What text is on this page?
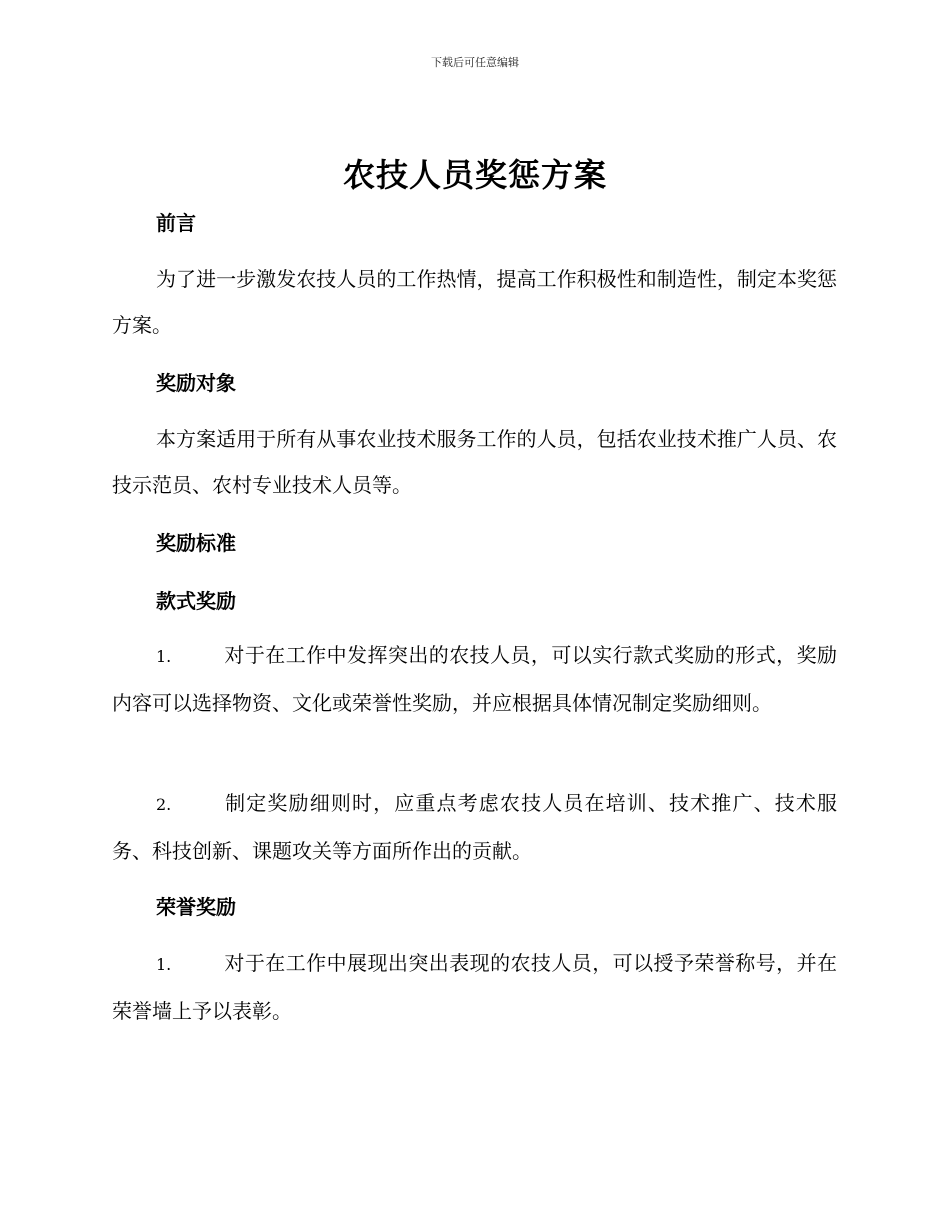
下载后可任意编辑
农技人员奖惩方案
前言

为了进一步激发农技人员的工作热情，提高工作积极性和制造性，制定本奖惩方案。

奖励对象

本方案适用于所有从事农业技术服务工作的人员，包括农业技术推广人员、农技示范员、农村专业技术人员等。

奖励标准
款式奖励

1.	对于在工作中发挥突出的农技人员，可以实行款式奖励的形式，奖励内容可以选择物资、文化或荣誉性奖励，并应根据具体情况制定奖励细则。

2.	制定奖励细则时，应重点考虑农技人员在培训、技术推广、技术服务、科技创新、课题攻关等方面所作出的贡献。

荣誉奖励

1.	对于在工作中展现出突出表现的农技人员，可以授予荣誉称号，并在荣誉墙上予以表彰。
